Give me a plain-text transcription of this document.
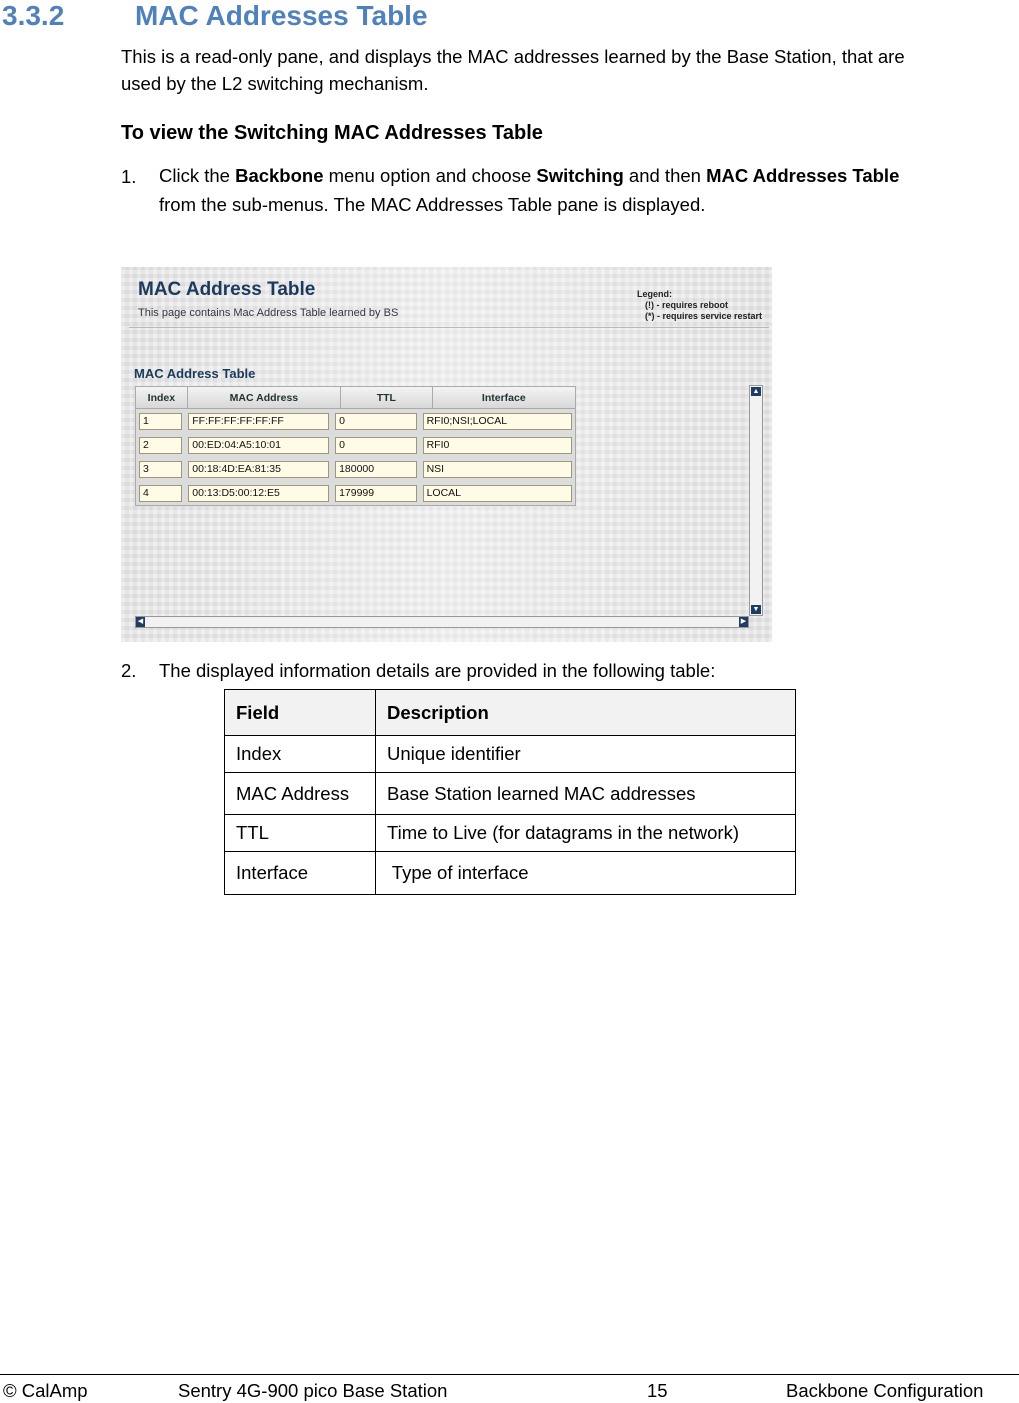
3.3.2	MAC Addresses Table
This is a read-only pane, and displays the MAC addresses learned by the Base Station, that are
used by the L2 switching mechanism.
To view the Switching MAC Addresses Table
1. Click the Backbone menu option and choose Switching and then MAC Addresses Table
from the sub-menus. The MAC Addresses Table pane is displayed.
MAC Address Table
This page contains Mac Address Table learned by BS
Legend:
(!) - requires reboot
(*) - requires service restart
MAC Address Table
Index	MAC Address	TTL	Interface
1	FF:FF:FF:FF:FF:FF	0	RFI0;NSI;LOCAL
2	00:ED:04:A5:10:01	0	RFI0
3	00:18:4D:EA:81:35	180000	NSI
4	00:13:D5:00:12:E5	179999	LOCAL
▲
▼
◀	▶
2. The displayed information details are provided in the following table:
Field	Description
Index	Unique identifier
MAC Address	Base Station learned MAC addresses
TTL	Time to Live (for datagrams in the network)
Interface	Type of interface
© CalAmp	Sentry 4G-900 pico Base Station	15	Backbone Configuration
